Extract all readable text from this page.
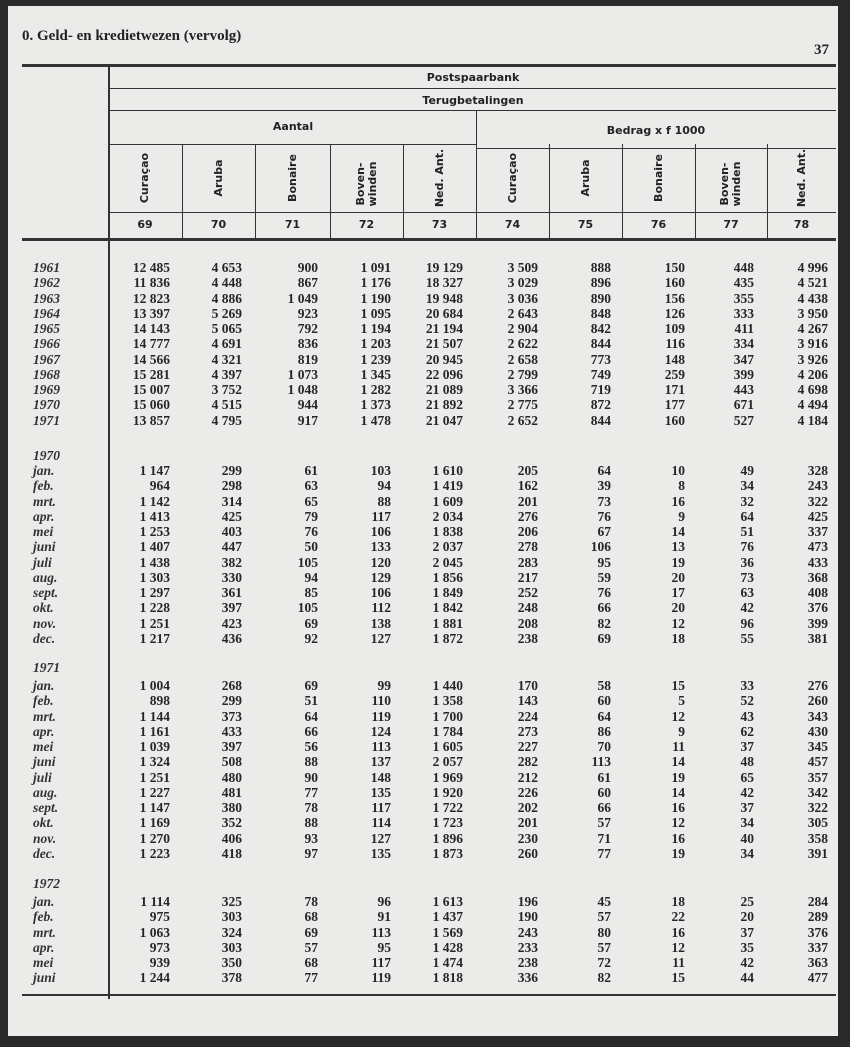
0. Geld- en kredietwezen (vervolg)
37
Postspaarbank
Terugbetalingen
Aantal	Bedrag x f 1000
Curaçao
69
Aruba
70
Bonaire
71
Boven-
winden
72
Ned. Ant.
73
Curaçao
74
Aruba
75
Bonaire
76
Boven-
winden
77
Ned. Ant.
78
1961	12 485	4 653	900	1 091	19 129	3 509	888	150	448	4 996
1962	11 836	4 448	867	1 176	18 327	3 029	896	160	435	4 521
1963	12 823	4 886	1 049	1 190	19 948	3 036	890	156	355	4 438
1964	13 397	5 269	923	1 095	20 684	2 643	848	126	333	3 950
1965	14 143	5 065	792	1 194	21 194	2 904	842	109	411	4 267
1966	14 777	4 691	836	1 203	21 507	2 622	844	116	334	3 916
1967	14 566	4 321	819	1 239	20 945	2 658	773	148	347	3 926
1968	15 281	4 397	1 073	1 345	22 096	2 799	749	259	399	4 206
1969	15 007	3 752	1 048	1 282	21 089	3 366	719	171	443	4 698
1970	15 060	4 515	944	1 373	21 892	2 775	872	177	671	4 494
1971	13 857	4 795	917	1 478	21 047	2 652	844	160	527	4 184
1970
jan.	1 147	299	61	103	1 610	205	64	10	49	328
feb.	964	298	63	94	1 419	162	39	8	34	243
mrt.	1 142	314	65	88	1 609	201	73	16	32	322
apr.	1 413	425	79	117	2 034	276	76	9	64	425
mei	1 253	403	76	106	1 838	206	67	14	51	337
juni	1 407	447	50	133	2 037	278	106	13	76	473
juli	1 438	382	105	120	2 045	283	95	19	36	433
aug.	1 303	330	94	129	1 856	217	59	20	73	368
sept.	1 297	361	85	106	1 849	252	76	17	63	408
okt.	1 228	397	105	112	1 842	248	66	20	42	376
nov.	1 251	423	69	138	1 881	208	82	12	96	399
dec.	1 217	436	92	127	1 872	238	69	18	55	381
1971
jan.	1 004	268	69	99	1 440	170	58	15	33	276
feb.	898	299	51	110	1 358	143	60	5	52	260
mrt.	1 144	373	64	119	1 700	224	64	12	43	343
apr.	1 161	433	66	124	1 784	273	86	9	62	430
mei	1 039	397	56	113	1 605	227	70	11	37	345
juni	1 324	508	88	137	2 057	282	113	14	48	457
juli	1 251	480	90	148	1 969	212	61	19	65	357
aug.	1 227	481	77	135	1 920	226	60	14	42	342
sept.	1 147	380	78	117	1 722	202	66	16	37	322
okt.	1 169	352	88	114	1 723	201	57	12	34	305
nov.	1 270	406	93	127	1 896	230	71	16	40	358
dec.	1 223	418	97	135	1 873	260	77	19	34	391
1972
jan.	1 114	325	78	96	1 613	196	45	18	25	284
feb.	975	303	68	91	1 437	190	57	22	20	289
mrt.	1 063	324	69	113	1 569	243	80	16	37	376
apr.	973	303	57	95	1 428	233	57	12	35	337
mei	939	350	68	117	1 474	238	72	11	42	363
juni	1 244	378	77	119	1 818	336	82	15	44	477
